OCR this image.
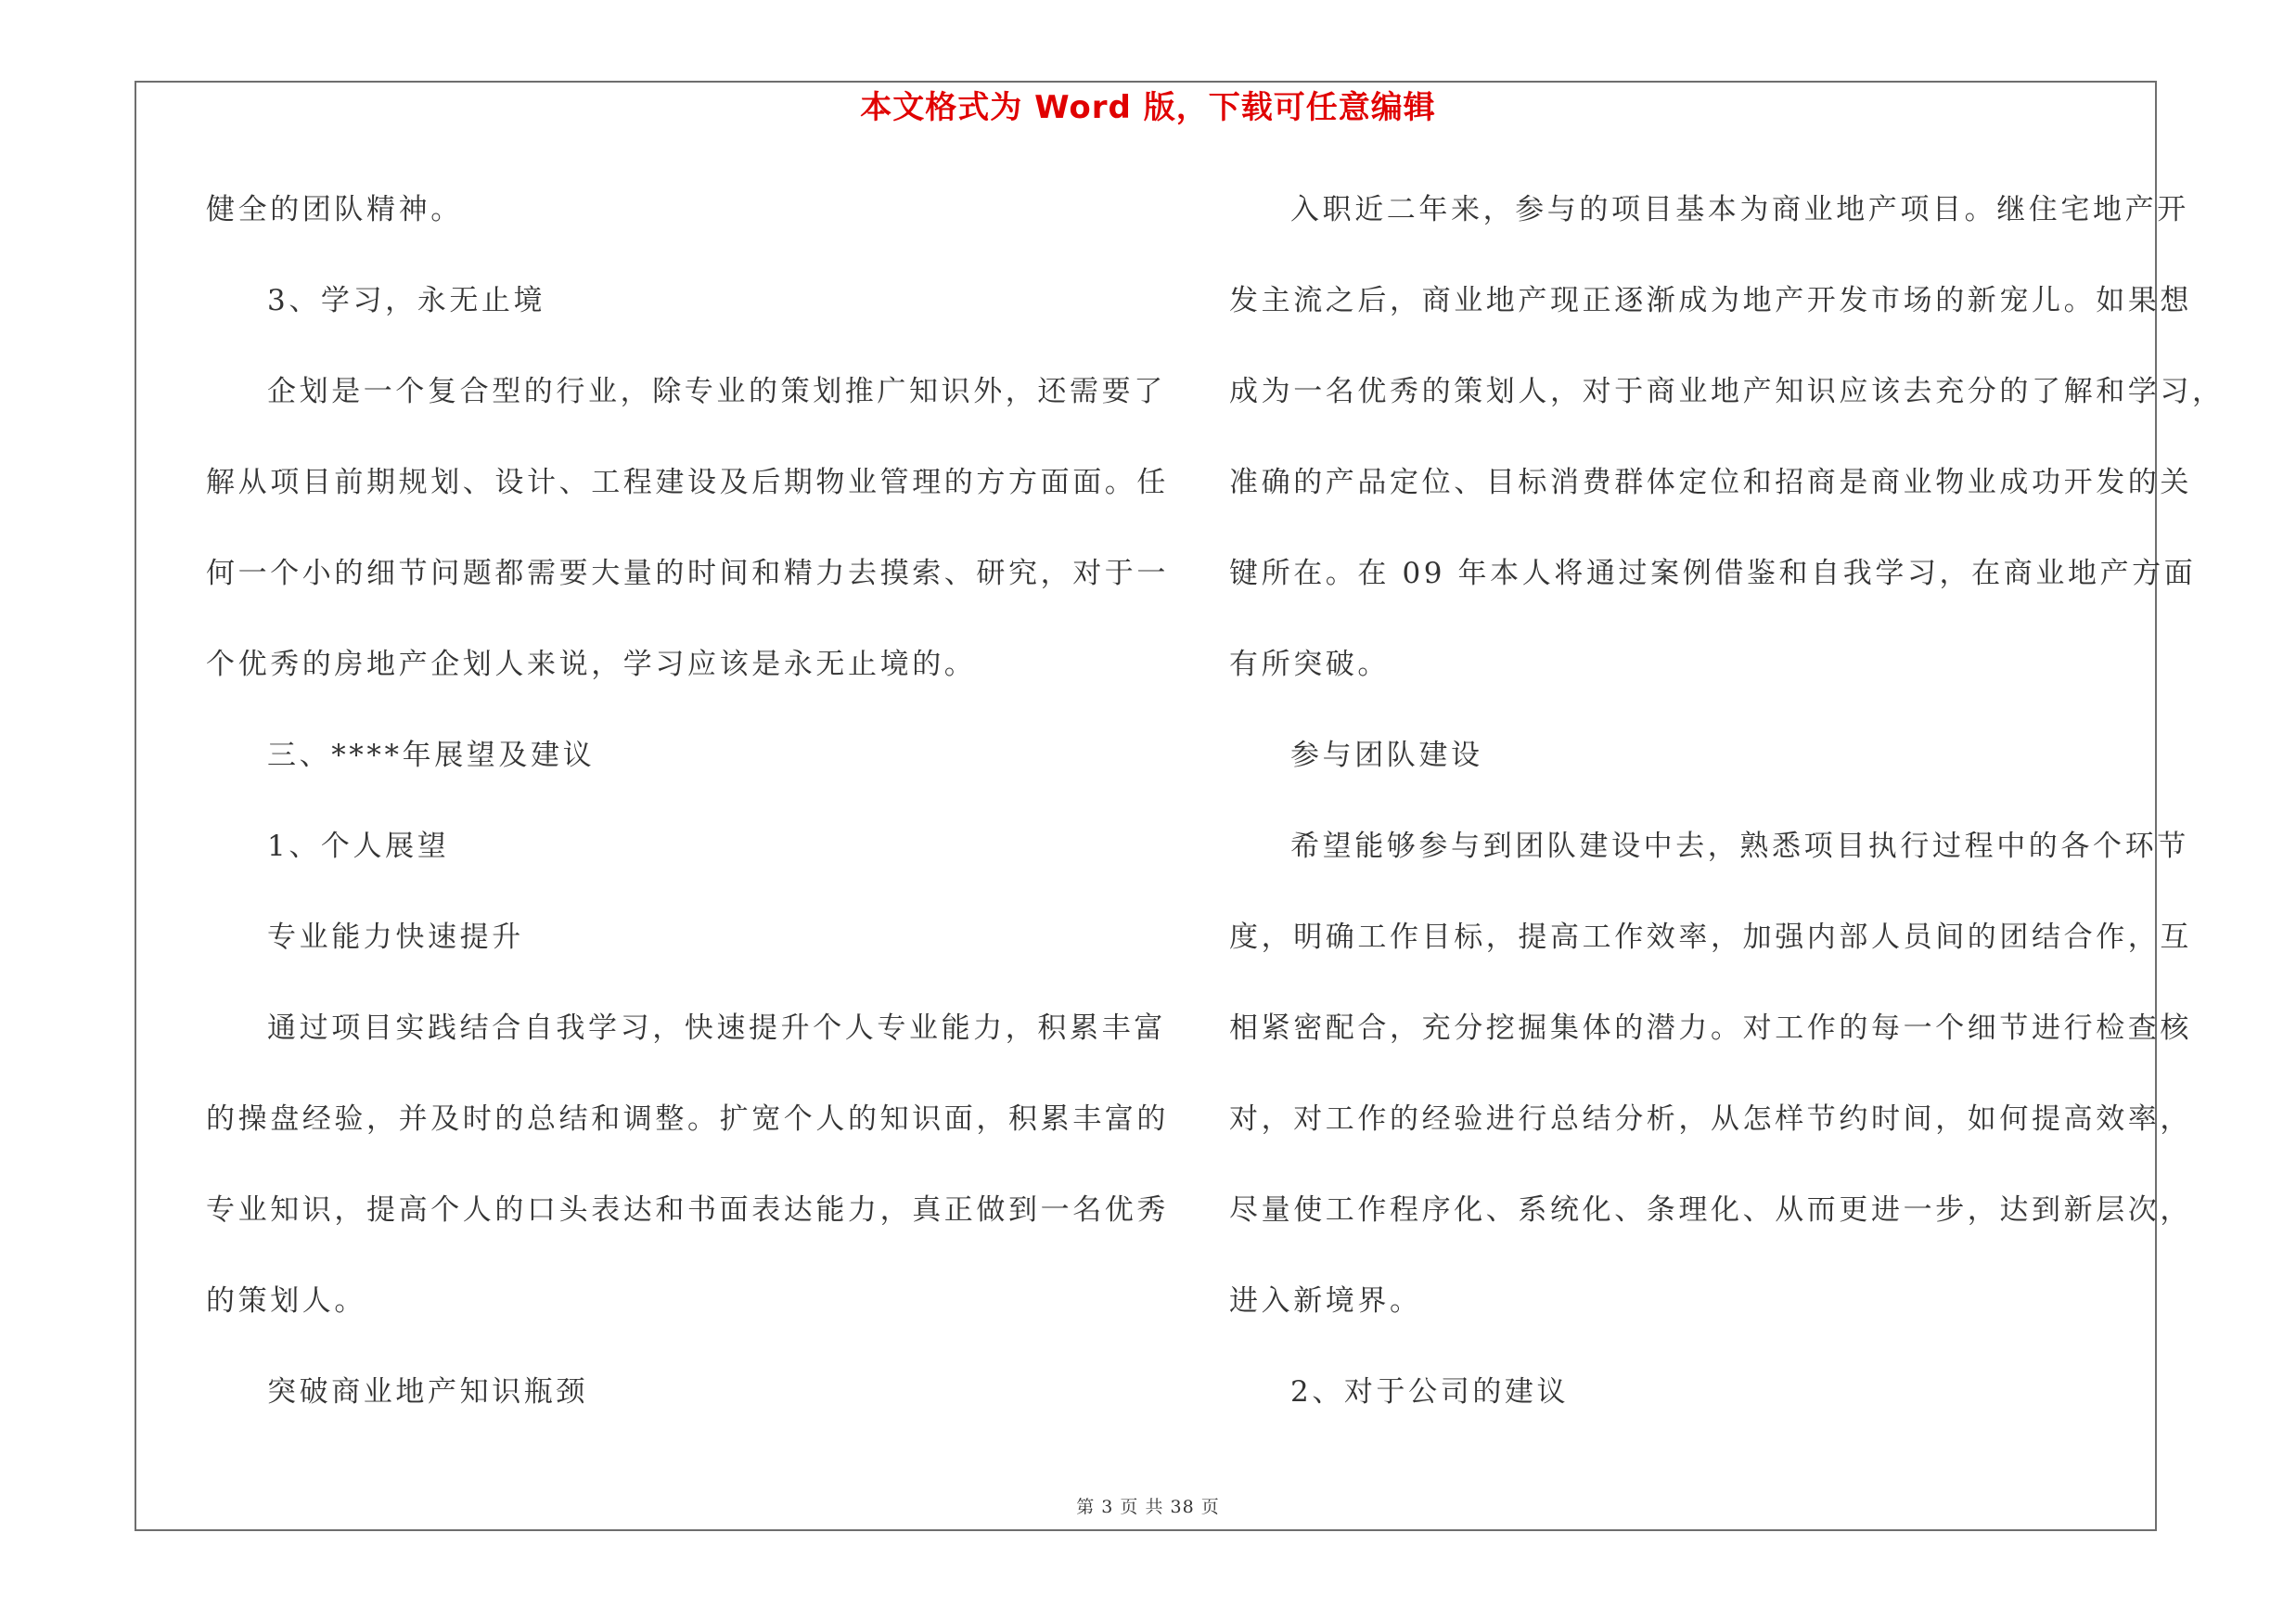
本文格式为 Word 版，下载可任意编辑
健全的团队精神。
3、学习，永无止境
企划是一个复合型的行业，除专业的策划推广知识外，还需要了
解从项目前期规划、设计、工程建设及后期物业管理的方方面面。任
何一个小的细节问题都需要大量的时间和精力去摸索、研究，对于一
个优秀的房地产企划人来说，学习应该是永无止境的。
三、****年展望及建议
1、个人展望
专业能力快速提升
通过项目实践结合自我学习，快速提升个人专业能力，积累丰富
的操盘经验，并及时的总结和调整。扩宽个人的知识面，积累丰富的
专业知识，提高个人的口头表达和书面表达能力，真正做到一名优秀
的策划人。
突破商业地产知识瓶颈
入职近二年来，参与的项目基本为商业地产项目。继住宅地产开
发主流之后，商业地产现正逐渐成为地产开发市场的新宠儿。如果想
成为一名优秀的策划人，对于商业地产知识应该去充分的了解和学习，
准确的产品定位、目标消费群体定位和招商是商业物业成功开发的关
键所在。在 09 年本人将通过案例借鉴和自我学习，在商业地产方面
有所突破。
参与团队建设
希望能够参与到团队建设中去，熟悉项目执行过程中的各个环节
度，明确工作目标，提高工作效率，加强内部人员间的团结合作，互
相紧密配合，充分挖掘集体的潜力。对工作的每一个细节进行检查核
对，对工作的经验进行总结分析，从怎样节约时间，如何提高效率，
尽量使工作程序化、系统化、条理化、从而更进一步，达到新层次，
进入新境界。
2、对于公司的建议
第 3 页 共 38 页
